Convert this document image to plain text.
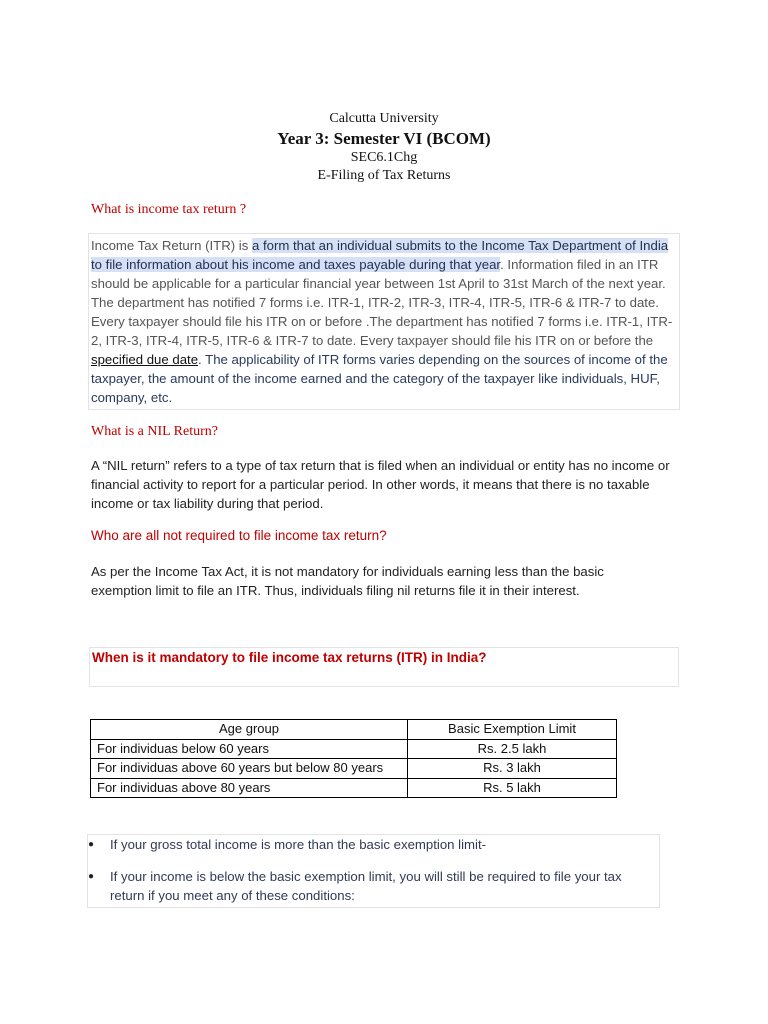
Calcutta University
Year 3: Semester VI (BCOM)
SEC6.1Chg
E-Filing of Tax Returns
What is income tax return ?
Income Tax Return (ITR) is a form that an individual submits to the Income Tax Department of India to file information about his income and taxes payable during that year. Information filed in an ITR should be applicable for a particular financial year between 1st April to 31st March of the next year. The department has notified 7 forms i.e. ITR-1, ITR-2, ITR-3, ITR-4, ITR-5, ITR-6 & ITR-7 to date. Every taxpayer should file his ITR on or before .The department has notified 7 forms i.e. ITR-1, ITR-2, ITR-3, ITR-4, ITR-5, ITR-6 & ITR-7 to date. Every taxpayer should file his ITR on or before the specified due date. The applicability of ITR forms varies depending on the sources of income of the taxpayer, the amount of the income earned and the category of the taxpayer like individuals, HUF, company, etc.
What is a NIL Return?
A “NIL return” refers to a type of tax return that is filed when an individual or entity has no income or financial activity to report for a particular period. In other words, it means that there is no taxable income or tax liability during that period.
Who are all not required to file income tax return?
As per the Income Tax Act, it is not mandatory for individuals earning less than the basic exemption limit to file an ITR. Thus, individuals filing nil returns file it in their interest.
When is it mandatory to file income tax returns (ITR) in India?
Age group	Basic Exemption Limit
For individuas below 60 years	Rs. 2.5 lakh
For individuas above 60 years but below 80 years	Rs. 3 lakh
For individuas above 80 years	Rs. 5 lakh
●	If your gross total income is more than the basic exemption limit-
●	If your income is below the basic exemption limit, you will still be required to file your tax return if you meet any of these conditions:
